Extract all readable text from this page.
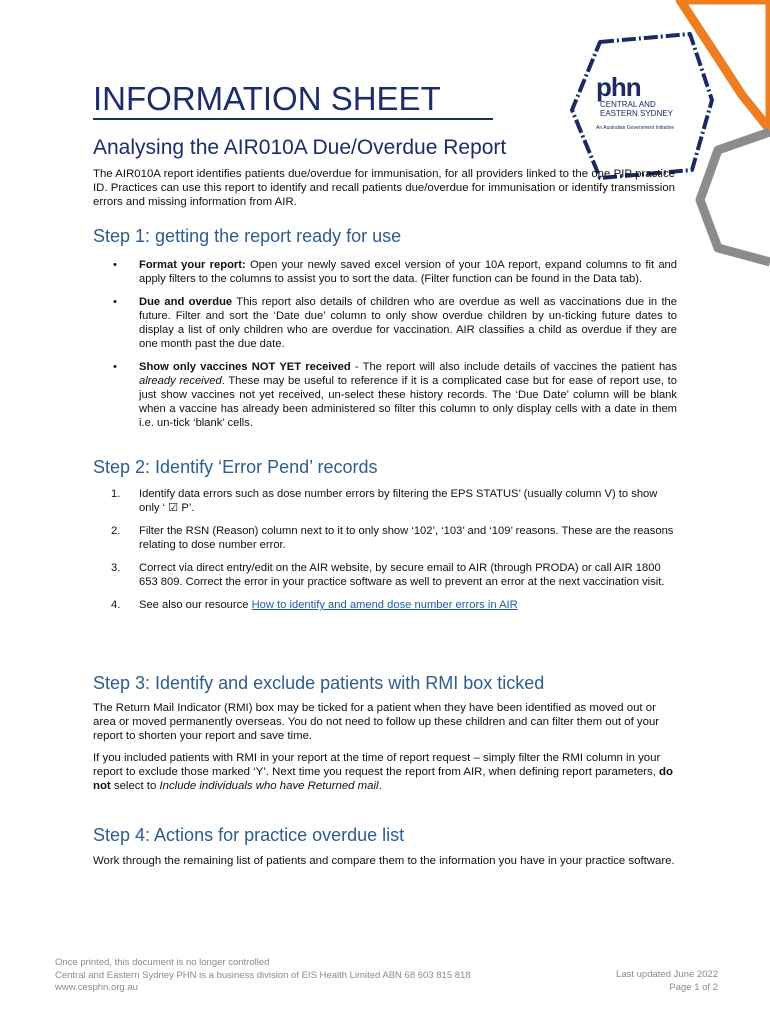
phn
CENTRAL AND
EASTERN SYDNEY
An Australian Government Initiative
INFORMATION SHEET
Analysing the AIR010A Due/Overdue Report

The AIR010A report identifies patients due/overdue for immunisation, for all providers linked to the one PIP practice ID. Practices can use this report to identify and recall patients due/overdue for immunisation or identify transmission errors and missing information from AIR.

Step 1: getting the report ready for use
• Format your report: Open your newly saved excel version of your 10A report, expand columns to fit and apply filters to the columns to assist you to sort the data. (Filter function can be found in the Data tab).
• Due and overdue This report also details of children who are overdue as well as vaccinations due in the future. Filter and sort the ‘Date due’ column to only show overdue children by un-ticking future dates to display a list of only children who are overdue for vaccination. AIR classifies a child as overdue if they are one month past the due date.
• Show only vaccines NOT YET received - The report will also include details of vaccines the patient has already received. These may be useful to reference if it is a complicated case but for ease of report use, to just show vaccines not yet received, un-select these history records. The ‘Due Date’ column will be blank when a vaccine has already been administered so filter this column to only display cells with a date in them i.e. un-tick ‘blank’ cells.
Step 2: Identify ‘Error Pend’ records
1. Identify data errors such as dose number errors by filtering the EPS STATUS’ (usually column V) to show only ‘ ☑ P’.
2. Filter the RSN (Reason) column next to it to only show ‘102’, ‘103’ and ‘109’ reasons. These are the reasons relating to dose number error.
3. Correct via direct entry/edit on the AIR website, by secure email to AIR (through PRODA) or call AIR 1800 653 809. Correct the error in your practice software as well to prevent an error at the next vaccination visit.
4. See also our resource How to identify and amend dose number errors in AIR
Step 3: Identify and exclude patients with RMI box ticked

The Return Mail Indicator (RMI) box may be ticked for a patient when they have been identified as moved out or area or moved permanently overseas. You do not need to follow up these children and can filter them out of your report to shorten your report and save time.

If you included patients with RMI in your report at the time of report request – simply filter the RMI column in your report to exclude those marked ‘Y’. Next time you request the report from AIR, when defining report parameters, do not select to Include individuals who have Returned mail.

Step 4: Actions for practice overdue list

Work through the remaining list of patients and compare them to the information you have in your practice software.

Once printed, this document is no longer controlled
Central and Eastern Sydney PHN is a business division of EIS Health Limited ABN 68 603 815 818
www.cesphn.org.au
Last updated June 2022
Page 1 of 2
